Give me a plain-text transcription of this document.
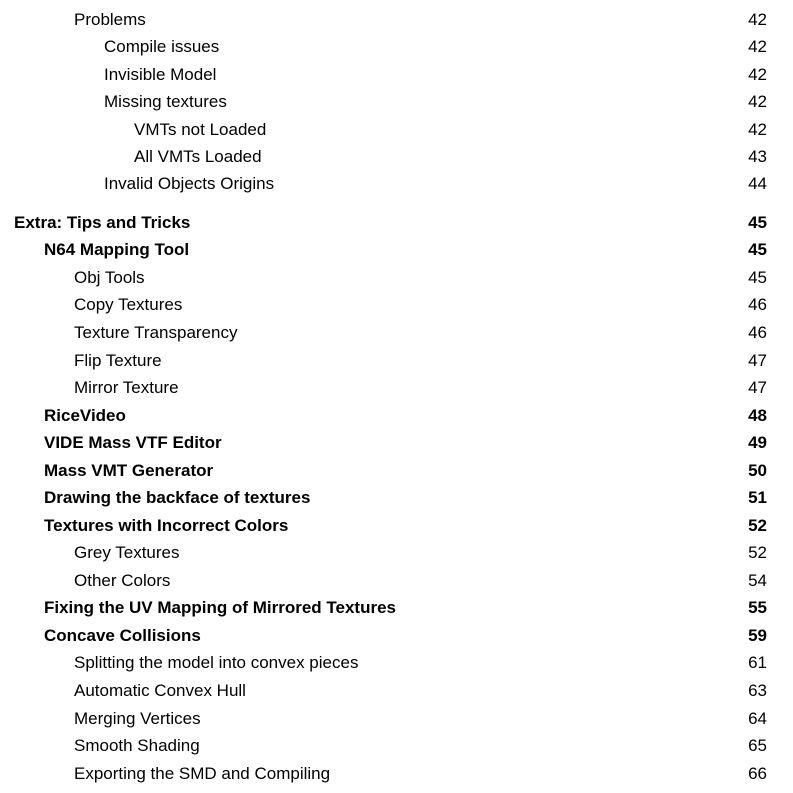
Problems	42
Compile issues	42
Invisible Model	42
Missing textures	42
VMTs not Loaded	42
All VMTs Loaded	43
Invalid Objects Origins	44
Extra: Tips and Tricks	45
N64 Mapping Tool	45
Obj Tools	45
Copy Textures	46
Texture Transparency	46
Flip Texture	47
Mirror Texture	47
RiceVideo	48
VIDE Mass VTF Editor	49
Mass VMT Generator	50
Drawing the backface of textures	51
Textures with Incorrect Colors	52
Grey Textures	52
Other Colors	54
Fixing the UV Mapping of Mirrored Textures	55
Concave Collisions	59
Splitting the model into convex pieces	61
Automatic Convex Hull	63
Merging Vertices	64
Smooth Shading	65
Exporting the SMD and Compiling	66
